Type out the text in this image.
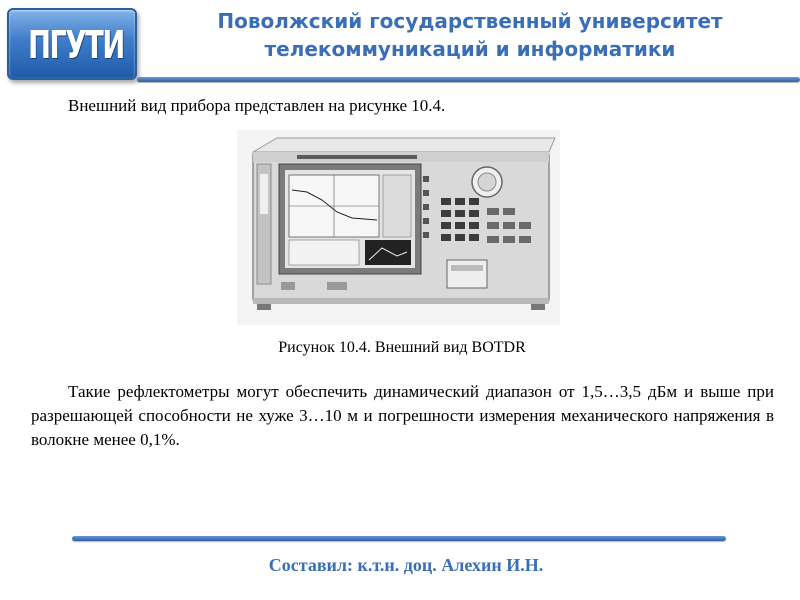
ПГУТИ
Поволжский государственный университет
телекоммуникаций и информатики
Внешний вид прибора представлен на рисунке 10.4.
Рисунок 10.4. Внешний вид BOTDR

Такие рефлектометры могут обеспечить динамический диапазон от 1,5…3,5 дБм и выше при разрешающей способности не хуже 3…10 м и погрешности измерения механического напряжения в волокне менее 0,1%.

Составил: к.т.н. доц. Алехин И.Н.
